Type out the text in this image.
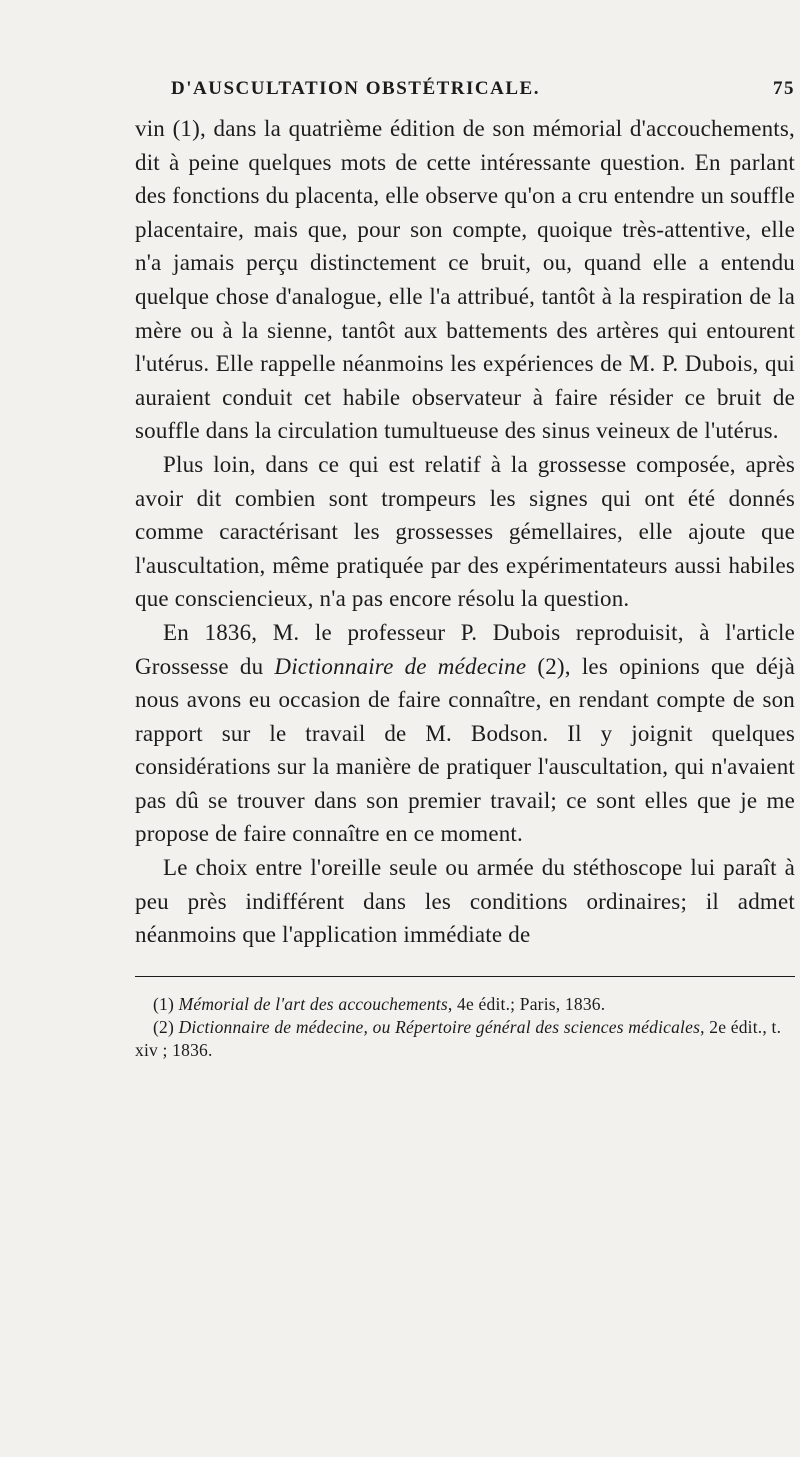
D'AUSCULTATION OBSTÉTRICALE.	75

vin (1), dans la quatrième édition de son mémorial d'accouchements, dit à peine quelques mots de cette intéressante question. En parlant des fonctions du placenta, elle observe qu'on a cru entendre un souffle placentaire, mais que, pour son compte, quoique très-attentive, elle n'a jamais perçu distinctement ce bruit, ou, quand elle a entendu quelque chose d'analogue, elle l'a attribué, tantôt à la respiration de la mère ou à la sienne, tantôt aux battements des artères qui entourent l'utérus. Elle rappelle néanmoins les expériences de M. P. Dubois, qui auraient conduit cet habile observateur à faire résider ce bruit de souffle dans la circulation tumultueuse des sinus veineux de l'utérus.

Plus loin, dans ce qui est relatif à la grossesse composée, après avoir dit combien sont trompeurs les signes qui ont été donnés comme caractérisant les grossesses gémellaires, elle ajoute que l'auscultation, même pratiquée par des expérimentateurs aussi habiles que consciencieux, n'a pas encore résolu la question.

En 1836, M. le professeur P. Dubois reproduisit, à l'article Grossesse du Dictionnaire de médecine (2), les opinions que déjà nous avons eu occasion de faire connaître, en rendant compte de son rapport sur le travail de M. Bodson. Il y joignit quelques considérations sur la manière de pratiquer l'auscultation, qui n'avaient pas dû se trouver dans son premier travail; ce sont elles que je me propose de faire connaître en ce moment.

Le choix entre l'oreille seule ou armée du stéthoscope lui paraît à peu près indifférent dans les conditions ordinaires; il admet néanmoins que l'application immédiate de

(1) Mémorial de l'art des accouchements, 4e édit.; Paris, 1836.
(2) Dictionnaire de médecine, ou Répertoire général des sciences médicales, 2e édit., t. xiv ; 1836.
